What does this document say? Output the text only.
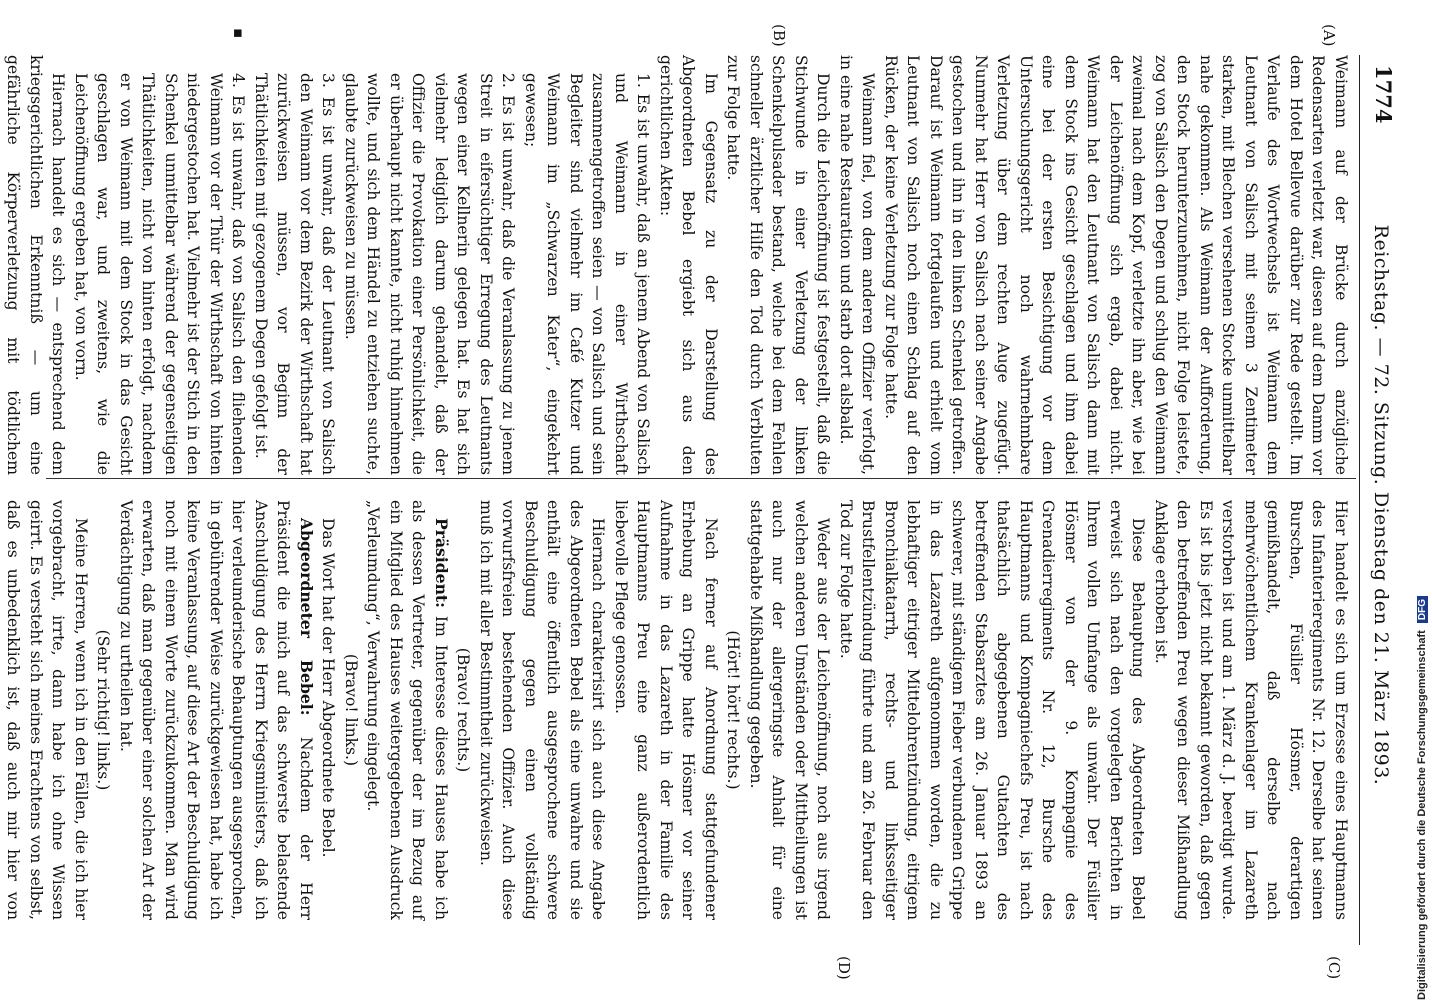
1774
Reichstag. — 72. Sitzung. Dienstag den 21. März 1893.
(A)
(B)
(C)
(D)
▪

Weimann auf der Brücke durch anzügliche Redensarten verletzt war, diesen auf dem Damm vor dem Hotel Bellevue darüber zur Rede gestellt. Im Verlaufe des Wortwechsels ist Weimann dem Leutnant von Salisch mit seinem 3 Zentimeter starken, mit Blechen versehenen Stocke unmittelbar nahe gekommen. Als Weimann der Aufforderung, den Stock herunterzunehmen, nicht Folge leistete, zog von Salisch den Degen und schlug den Weimann zweimal nach dem Kopf, verletzte ihn aber, wie bei der Leichenöffnung sich ergab, dabei nicht. Weimann hat den Leutnant von Salisch dann mit dem Stock ins Gesicht geschlagen und ihm dabei eine bei der ersten Besichtigung vor dem Untersuchungsgericht noch wahrnehmbare Verletzung über dem rechten Auge zugefügt. Nunmehr hat Herr von Salisch nach seiner Angabe gestochen und ihn in den linken Schenkel getroffen. Darauf ist Weimann fortgelaufen und erhielt vom Leutnant von Salisch noch einen Schlag auf den Rücken, der keine Verletzung zur Folge hatte.

Weimann fiel, von dem anderen Offizier verfolgt, in eine nahe Restauration und starb dort alsbald.

Durch die Leichenöffnung ist festgestellt, daß die Stichwunde in einer Verletzung der linken Schenkelpulsader bestand, welche bei dem Fehlen schneller ärztlicher Hilfe den Tod durch Verbluten zur Folge hatte.

Im Gegensatz zu der Darstellung des Abgeordneten Bebel ergiebt sich aus den gerichtlichen Akten:

1. Es ist unwahr, daß an jenem Abend von Salisch und Weimann in einer Wirthschaft zusammengetroffen seien — von Salisch und sein Begleiter sind vielmehr im Café Kutzer und Weimann im „Schwarzen Kater“, eingekehrt gewesen;

2. Es ist unwahr, daß die Veranlassung zu jenem Streit in eifersüchtiger Erregung des Leutnants wegen einer Kellnerin gelegen hat. Es hat sich vielmehr lediglich darum gehandelt, daß der Offizier die Provokation einer Persönlichkeit, die er überhaupt nicht kannte, nicht ruhig hinnehmen wollte, und sich dem Händel zu entziehen suchte, glaubte zurückweisen zu müssen.

3. Es ist unwahr, daß der Leutnant von Salisch den Weimann vor dem Bezirk der Wirthschaft hat zurückweisen müssen, vor Beginn der Thätlichkeiten mit gezogenem Degen gefolgt ist.

4. Es ist unwahr, daß von Salisch den fliehenden Weimann vor der Thür der Wirthschaft von hinten niedergestochen hat. Vielmehr ist der Stich in den Schenkel unmittelbar während der gegenseitigen Thätlichkeiten, nicht von hinten erfolgt, nachdem er von Weimann mit dem Stock in das Gesicht geschlagen war, und zweitens, wie die Leichenöffnung ergeben hat, von vorn.

Hiernach handelt es sich — entsprechend dem kriegsgerichtlichen Erkenntniß — um eine gefährliche Körperverletzung mit tödtlichem

Hier handelt es sich um Erzesse eines Hauptmanns des Infanterieregiments Nr. 12. Derselbe hat seinen Burschen, Füsilier Hösmer, derartigen gemißhandelt, daß derselbe nach mehrwöchentlichem Krankenlager im Lazareth verstorben ist und am 1. März d. J. beerdigt wurde. Es ist bis jetzt nicht bekannt geworden, daß gegen den betreffenden Preu wegen dieser Mißhandlung Anklage erhoben ist.

Diese Behauptung des Abgeordneten Bebel erweist sich nach den vorgelegten Berichten in Ihrem vollen Umfange als unwahr. Der Füsilier Hösmer von der 9. Kompagnie des Grenadierregiments Nr. 12, Bursche des Hauptmanns und Kompagniechefs Preu, ist nach thatsächlich abgegebenen Gutachten des betreffenden Stabsarztes am 26. Januar 1893 an schwerer, mit ständigem Fieber verbundenen Grippe in das Lazareth aufgenommen worden, die zu lebhaftiger eitriger Mittelohrentzündung, eitrigem Bronchialkatarrh, rechts- und linksseitiger Brustfellentzündung führte und am 26. Februar den Tod zur Folge hatte.

Weder aus der Leichenöffnung, noch aus irgend welchen anderen Umständen oder Mittheilungen ist auch nur der allergeringste Anhalt für eine stattgehabte Mißhandlung gegeben.

(Hört! hört! rechts.)

Nach ferner auf Anordnung stattgefundener Erhebung an Grippe hatte Hösmer vor seiner Aufnahme in das Lazareth in der Familie des Hauptmanns Preu eine ganz außerordentlich liebevolle Pflege genossen.

Hiernach charakterisirt sich auch diese Angabe des Abgeordneten Bebel als eine unwahre und sie enthält eine öffentlich ausgesprochene schwere Beschuldigung gegen einen vollständig vorwurfsfreien bestehenden Offizier. Auch diese muß ich mit aller Bestimmtheit zurückweisen.

(Bravo! rechts.)

Präsident: Im Interesse dieses Hauses habe ich als dessen Vertreter, gegenüber der im Bezug auf ein Mitglied des Hauses weitergegebenen Ausdruck „Verleumdung“, Verwahrung eingelegt.

(Bravo! links.)

Das Wort hat der Herr Abgeordnete Bebel.

Abgeordneter Bebel: Nachdem der Herr Präsident die mich auf das schwerste belastende Anschuldigung des Herrn Kriegsministers, daß ich hier verleumderische Behauptungen ausgesprochen, in gebührender Weise zurückgewiesen hat, habe ich keine Veranlassung, auf diese Art der Beschuldigung noch mit einem Worte zurückzukommen. Man wird erwarten, daß man gegenüber einer solchen Art der Verdächtigung zu urtheilen hat.

(Sehr richtig! links.)

Meine Herren, wenn ich in den Fällen, die ich hier vorgebracht, irrte, dann habe ich ohne Wissen geirrt. Es versteht sich meines Erachtens von selbst, daß es unbedenklich ist, daß auch mir hier von	Digitalisierung gefördert durch die Deutsche Forschungsgemeinschaft DFG
